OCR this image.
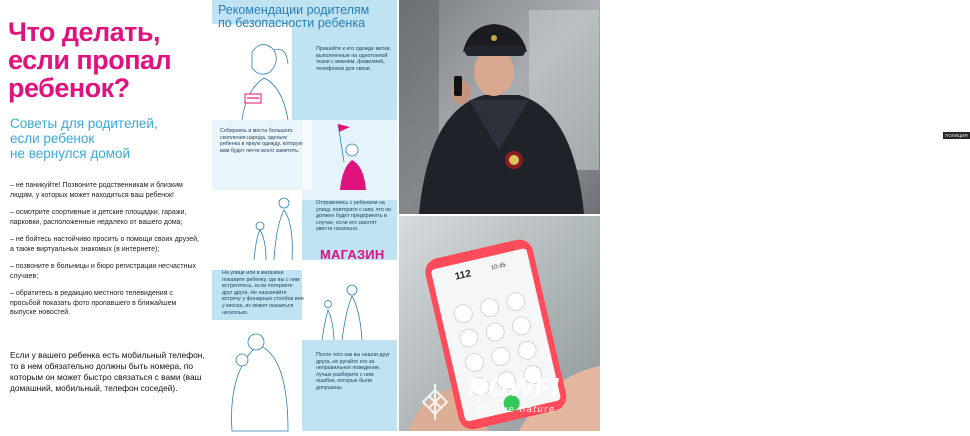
Что делать,
если пропал
ребенок?
Советы для родителей,
если ребенок
не вернулся домой
– не паникуйте! Позвоните родственникам и близким людям, у которых может находиться ваш ребенок!
– осмотрите спортивные и детские площадки, гаражи, парковки, расположенные недалеко от вашего дома;
– не бойтесь настойчиво просить о помощи своих друзей, а также виртуальных знакомых (в интернете);
– позвоните в больницы и бюро регистрации несчастных случаев;
– обратитесь в редакцию местного телевидения с просьбой показать фото пропавшего в ближайшем выпуске новостей.

Если у вашего ребенка есть мобильный телефон, то в нем обязательно должны быть номера, по которым он может быстро связаться с вами (ваш домашний, мобильный, телефон соседей).

Рекомендации родителям
по безопасности ребенка

Пришейте к его одежде метки, выполненные на однотонной ткани с именем, фамилией, телефоном для связи.

Собираясь в места большого скопления народа, оденьте ребенка в яркую одежду, которую вам будет легче всего заметить.

Отправляясь с ребенком на улицу, повторите с ним, что он должен будет предпринять в случае, если его захотят увести насильно.

На улице или в магазине покажите ребенку, где вы с ним встретитесь, если потеряете друг друга. Не назначайте встречу у фонарных столбов или у киоска, их может оказаться несколько.

После того как вы нашли друг друга, не ругайте его за неправильное поведение, лучше разберите с ним ошибки, которые были допущены.

МАГАЗИН
ПОЛИЦИЯ
112
10:45
NOWFI
survive nature
